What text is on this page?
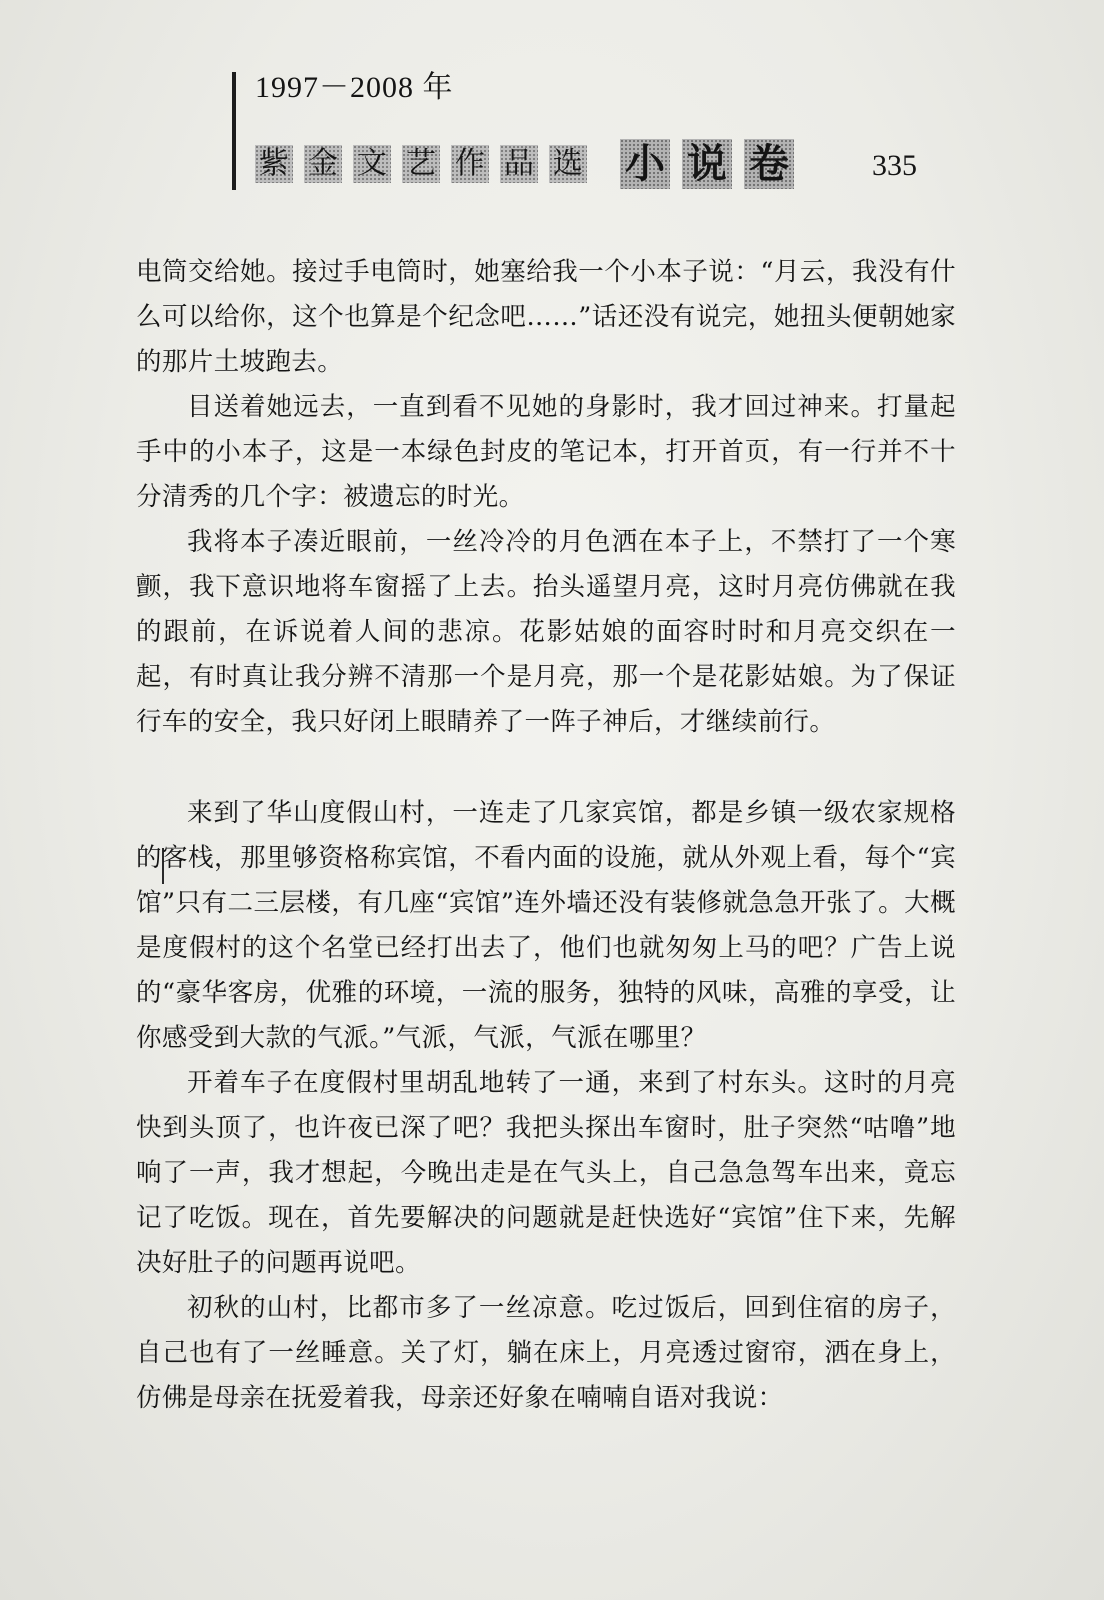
1997－2008 年
紫 金 文 艺 作 品 选 小 说 卷	335

电筒交给她。接过手电筒时，她塞给我一个小本子说：“月云，我没有什么可以给你，这个也算是个纪念吧……”话还没有说完，她扭头便朝她家的那片土坡跑去。

目送着她远去，一直到看不见她的身影时，我才回过神来。打量起手中的小本子，这是一本绿色封皮的笔记本，打开首页，有一行并不十分清秀的几个字：被遗忘的时光。

我将本子凑近眼前，一丝冷冷的月色洒在本子上，不禁打了一个寒颤，我下意识地将车窗摇了上去。抬头遥望月亮，这时月亮仿佛就在我的跟前，在诉说着人间的悲凉。花影姑娘的面容时时和月亮交织在一起，有时真让我分辨不清那一个是月亮，那一个是花影姑娘。为了保证行车的安全，我只好闭上眼睛养了一阵子神后，才继续前行。

来到了华山度假山村，一连走了几家宾馆，都是乡镇一级农家规格的客栈，那里够资格称宾馆，不看内面的设施，就从外观上看，每个“宾馆”只有二三层楼，有几座“宾馆”连外墙还没有装修就急急开张了。大概是度假村的这个名堂已经打出去了，他们也就匆匆上马的吧？广告上说的“豪华客房，优雅的环境，一流的服务，独特的风味，高雅的享受，让你感受到大款的气派。”气派，气派，气派在哪里？

开着车子在度假村里胡乱地转了一通，来到了村东头。这时的月亮快到头顶了，也许夜已深了吧？我把头探出车窗时，肚子突然“咕噜”地响了一声，我才想起，今晚出走是在气头上，自己急急驾车出来，竟忘记了吃饭。现在，首先要解决的问题就是赶快选好“宾馆”住下来，先解决好肚子的问题再说吧。

初秋的山村，比都市多了一丝凉意。吃过饭后，回到住宿的房子，自己也有了一丝睡意。关了灯，躺在床上，月亮透过窗帘，洒在身上，仿佛是母亲在抚爱着我，母亲还好象在喃喃自语对我说：
